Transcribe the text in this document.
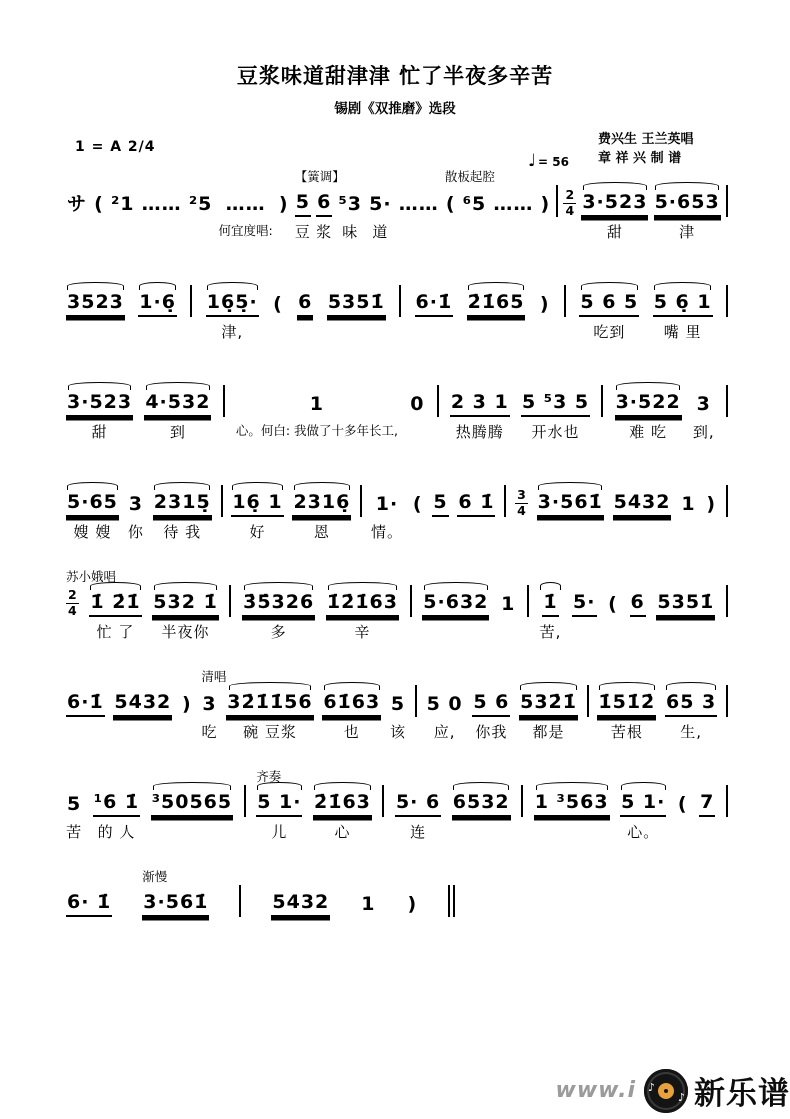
豆浆味道甜津津 忙了半夜多辛苦
锡剧《双推磨》选段
1 = A 2/4
♩ = 56
费兴生 王兰英唱
章 祥 兴 制 谱
サ ( ²1 …… ²5 ……
何宜度唱:
)
【簧调】
5
豆
6
浆
⁵3
味
5·
道
……
散板起腔
( ⁶5 …… ) $\frac{2}{4} 3\cdot 523$
甜
5·653
津
3523 1·6̣ 16̣5̣·
津,
( 6 5351̇ 6·1̇ 2̇1̇65 ) 5 6 5
吃到
5 6̣ 1
嘴 里
3·523
甜
4·532
到
1
心。何白: 我做了十多年长工,
0 2 3 1
热腾腾
5 ⁵3 5
开水也
3·522
难 吃
3
到,
5·65
嫂 嫂
3
你
2315̣
待 我
16̣ 1
好
2316̣
恩
1·
情。
( 5 6 1̇ $\frac{3}{4}$ 3·561̇ 5432 1 )
苏小娥唱
$\frac{2}{4}$ 1̇ 2̇1̇
忙 了
532 1̇
半夜你
3̇5̇326
多
1̇2̇1̇63
辛
5·632 1 1̇
苦,
5· ( 6 5351̇
6·1̇ 5432 )
清唱
3
吃
32̇1̇1̇56
碗 豆浆
61̇63
也
5
该
5 0
应,
5 6
你我
532̇1̇
都是
1̇51̇2̇
苦根
65 3
生,
5
苦
¹6 1̇
的 人
³50565
齐奏
5 1·
儿
2̇1̇63
心
5· 6
连
6532 1 ³563 5 1·
心。
( 7
6· 1̇
渐慢
3·561̇	5432 1 )
www.i ♪
♪ 新乐谱
